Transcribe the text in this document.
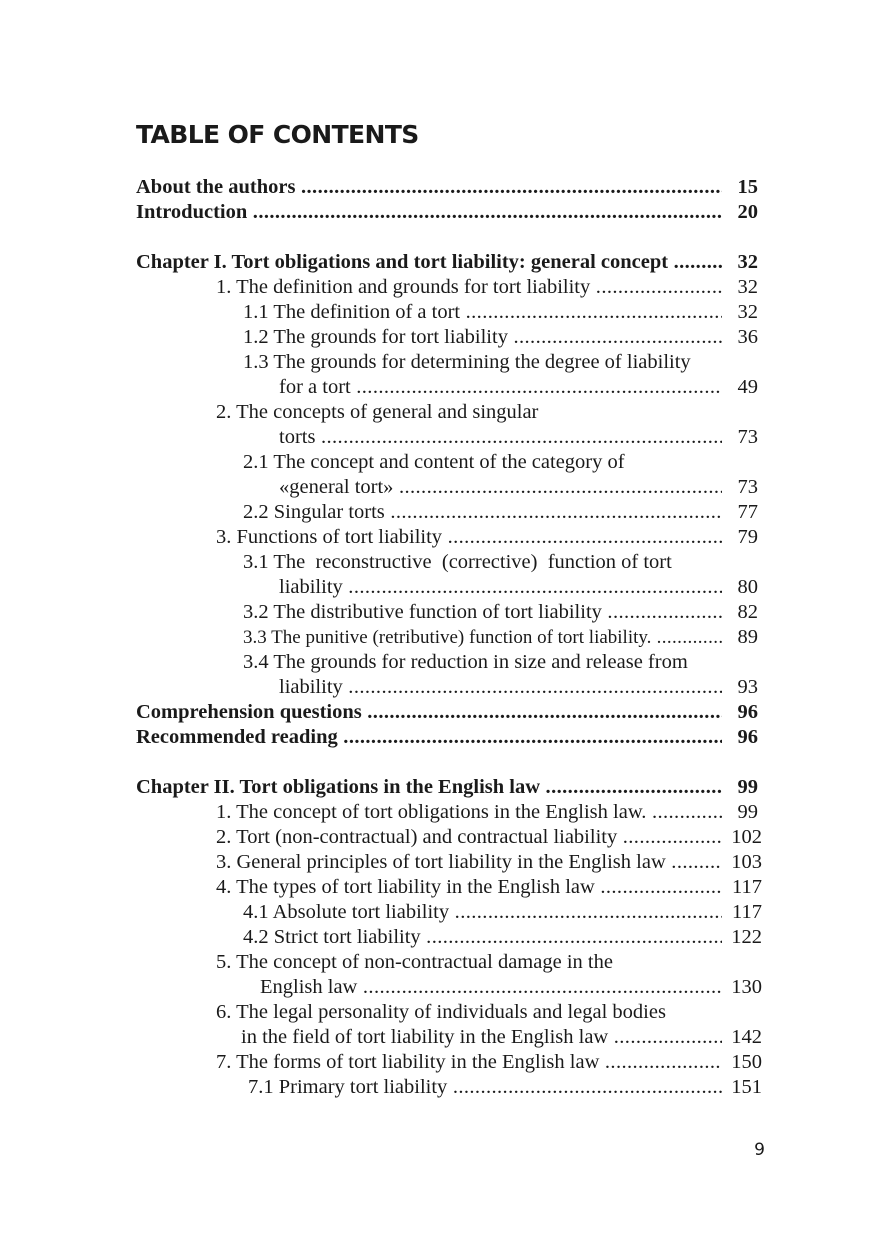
TABLE OF CONTENTS
About the authors .....	15
Introduction .....	20
Chapter I. Tort obligations and tort liability: general concept .....	32
1. The definition and grounds for tort liability .....	32
1.1 The definition of a tort .....	32
1.2 The grounds for tort liability .....	36
1.3 The grounds for determining the degree of liability
for a tort .....	49
2. The concepts of general and singular
torts .....	73
2.1 The concept and content of the category of
«general tort» .....	73
2.2 Singular torts .....	77
3. Functions of tort liability .....	79
3.1 The  reconstructive  (corrective)  function of tort
liability .....	80
3.2 The distributive function of tort liability .....	82
3.3 The punitive (retributive) function of tort liability. .....	89
3.4 The grounds for reduction in size and release from
liability .....	93
Comprehension questions .....	96
Recommended reading .....	96
Chapter II. Tort obligations in the English law .....	99
1. The concept of tort obligations in the English law. .....	99
2. Tort (non-contractual) and contractual liability .....	102
3. General principles of tort liability in the English law .....	103
4. The types of tort liability in the English law .....	117
4.1 Absolute tort liability .....	117
4.2 Strict tort liability .....	122
5. The concept of non-contractual damage in the
English law .....	130
6. The legal personality of individuals and legal bodies
in the field of tort liability in the English law .....	142
7. The forms of tort liability in the English law .....	150
7.1 Primary tort liability .....	151
9
